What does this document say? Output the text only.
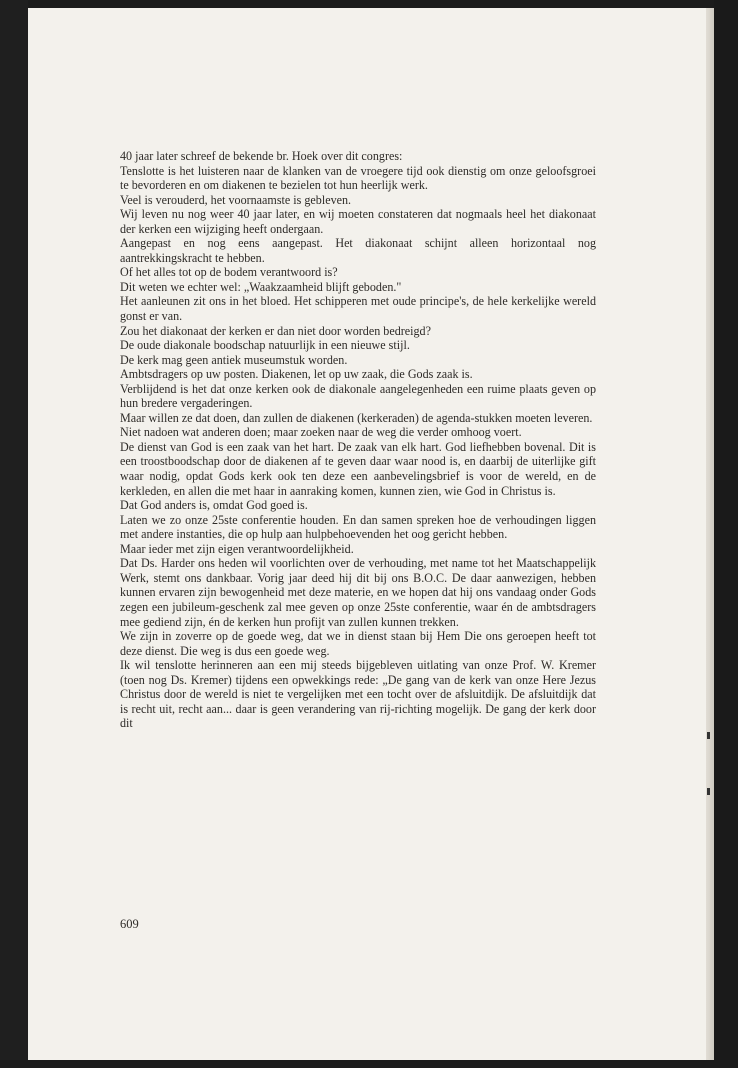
40 jaar later schreef de bekende br. Hoek over dit congres:

Tenslotte is het luisteren naar de klanken van de vroegere tijd ook dienstig om onze geloofsgroei te bevorderen en om diakenen te bezielen tot hun heerlijk werk.

Veel is verouderd, het voornaamste is gebleven.

Wij leven nu nog weer 40 jaar later, en wij moeten constateren dat nogmaals heel het diakonaat der kerken een wijziging heeft ondergaan.

Aangepast en nog eens aangepast. Het diakonaat schijnt alleen horizontaal nog aantrekkingskracht te hebben.

Of het alles tot op de bodem verantwoord is?

Dit weten we echter wel: „Waakzaamheid blijft geboden."

Het aanleunen zit ons in het bloed. Het schipperen met oude principe's, de hele kerkelijke wereld gonst er van.

Zou het diakonaat der kerken er dan niet door worden bedreigd?

De oude diakonale boodschap natuurlijk in een nieuwe stijl.

De kerk mag geen antiek museumstuk worden.

Ambtsdragers op uw posten. Diakenen, let op uw zaak, die Gods zaak is.

Verblijdend is het dat onze kerken ook de diakonale aangelegenheden een ruime plaats geven op hun bredere vergaderingen.

Maar willen ze dat doen, dan zullen de diakenen (kerkeraden) de agenda-stukken moeten leveren.

Niet nadoen wat anderen doen; maar zoeken naar de weg die verder omhoog voert.

De dienst van God is een zaak van het hart. De zaak van elk hart. God liefhebben bovenal. Dit is een troostboodschap door de diakenen af te geven daar waar nood is, en daarbij de uiterlijke gift waar nodig, opdat Gods kerk ook ten deze een aanbevelingsbrief is voor de wereld, en de kerkleden, en allen die met haar in aanraking komen, kunnen zien, wie God in Christus is.

Dat God anders is, omdat God goed is.

Laten we zo onze 25ste conferentie houden. En dan samen spreken hoe de verhoudingen liggen met andere instanties, die op hulp aan hulpbehoevenden het oog gericht hebben.

Maar ieder met zijn eigen verantwoordelijkheid.

Dat Ds. Harder ons heden wil voorlichten over de verhouding, met name tot het Maatschappelijk Werk, stemt ons dankbaar. Vorig jaar deed hij dit bij ons B.O.C. De daar aanwezigen, hebben kunnen ervaren zijn bewogenheid met deze materie, en we hopen dat hij ons vandaag onder Gods zegen een jubileum-geschenk zal mee geven op onze 25ste conferentie, waar én de ambtsdragers mee gediend zijn, én de kerken hun profijt van zullen kunnen trekken.

We zijn in zoverre op de goede weg, dat we in dienst staan bij Hem Die ons geroepen heeft tot deze dienst. Die weg is dus een goede weg.

Ik wil tenslotte herinneren aan een mij steeds bijgebleven uitlating van onze Prof. W. Kremer (toen nog Ds. Kremer) tijdens een opwekkings rede: „De gang van de kerk van onze Here Jezus Christus door de wereld is niet te vergelijken met een tocht over de afsluitdijk. De afsluitdijk dat is recht uit, recht aan... daar is geen verandering van rij-richting mogelijk. De gang der kerk door dit

609
